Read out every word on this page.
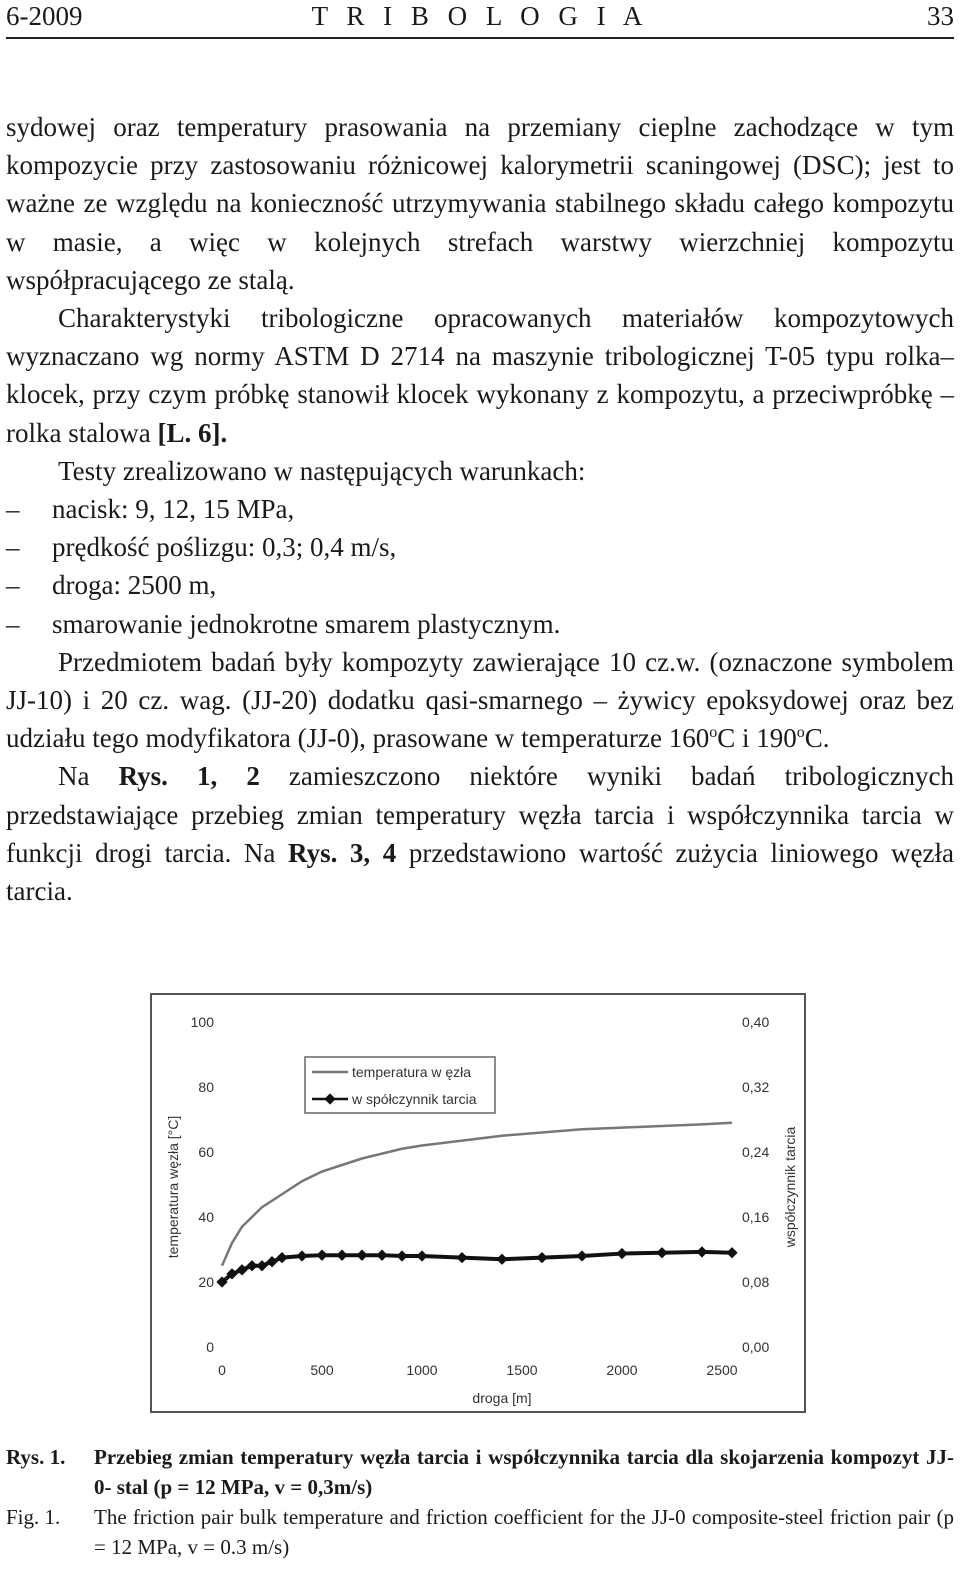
6-2009	T R I B O L O G I A	33

sydowej oraz temperatury prasowania na przemiany cieplne zachodzące w tym kompozycie przy zastosowaniu różnicowej kalorymetrii scaningowej (DSC); jest to ważne ze względu na konieczność utrzymywania stabilnego składu całego kompozytu w masie, a więc w kolejnych strefach warstwy wierzchniej kompozytu współpracującego ze stalą.

Charakterystyki tribologiczne opracowanych materiałów kompozytowych wyznaczano wg normy ASTM D 2714 na maszynie tribologicznej T-05 typu rolka–klocek, przy czym próbkę stanowił klocek wykonany z kompozytu, a przeciwpróbkę – rolka stalowa [L. 6].

Testy zrealizowano w następujących warunkach:

– nacisk: 9, 12, 15 MPa,
– prędkość poślizgu: 0,3; 0,4 m/s,
– droga: 2500 m,
– smarowanie jednokrotne smarem plastycznym.

Przedmiotem badań były kompozyty zawierające 10 cz.w. (oznaczone symbolem JJ-10) i 20 cz. wag. (JJ-20) dodatku qasi-smarnego – żywicy epoksydowej oraz bez udziału tego modyfikatora (JJ-0), prasowane w temperaturze 160$^o$C i 190$^o$C.

Na Rys. 1, 2 zamieszczono niektóre wyniki badań tribologicznych przedstawiające przebieg zmian temperatury węzła tarcia i współczynnika tarcia w funkcji drogi tarcia. Na Rys. 3, 4 przedstawiono wartość zużycia liniowego węzła tarcia.

0
20
40
60
80
100
0,00
0,08
0,16
0,24
0,32
0,40
0	500	1000	1500	2000	2500
droga [m]
temperatura węzła [°C]	współczynnik tarcia
temperatura w ęzła
w spółczynnik tarcia
Rys. 1. Przebieg zmian temperatury węzła tarcia i współczynnika tarcia dla skojarzenia kompozyt JJ-0- stal (p = 12 MPa, v = 0,3m/s)
Fig. 1. The friction pair bulk temperature and friction coefficient for the JJ-0 composite-steel friction pair (p = 12 MPa, v = 0.3 m/s)
